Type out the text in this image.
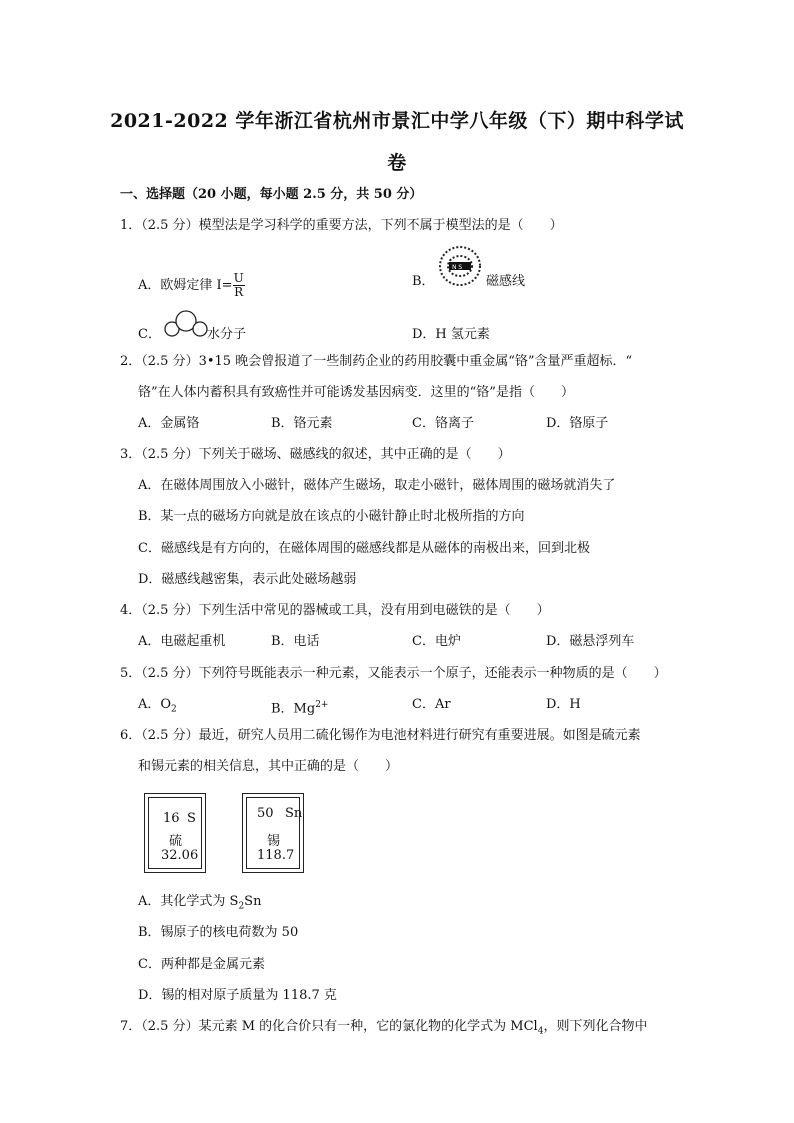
2021-2022 学年浙江省杭州市景汇中学八年级（下）期中科学试
卷
一、选择题（20 小题，每小题 2.5 分，共 50 分）
1．（2.5 分）模型法是学习科学的重要方法，下列不属于模型法的是（　　）
A．欧姆定律 $I= \frac{U}{R}$	B．
N S
磁感线
C．	水分子	D．H 氢元素
2．（2.5 分）3•15 晚会曾报道了一些制药企业的药用胶囊中重金属“铬”含量严重超标．“
铬”在人体内蓄积具有致癌性并可能诱发基因病变．这里的“铬”是指（　　）
A．金属铬	B．铬元素	C．铬离子	D．铬原子
3．（2.5 分）下列关于磁场、磁感线的叙述，其中正确的是（　　）
A．在磁体周围放入小磁针，磁体产生磁场，取走小磁针，磁体周围的磁场就消失了
B．某一点的磁场方向就是放在该点的小磁针静止时北极所指的方向
C．磁感线是有方向的，在磁体周围的磁感线都是从磁体的南极出来，回到北极
D．磁感线越密集，表示此处磁场越弱
4．（2.5 分）下列生活中常见的器械或工具，没有用到电磁铁的是（　　）
A．电磁起重机	B．电话	C．电炉	D．磁悬浮列车
5．（2.5 分）下列符号既能表示一种元素，又能表示一个原子，还能表示一种物质的是（　　）
A．$O_2$	B．$Mg^{2+}$	C．Ar	D．H
6．（2.5 分）最近，研究人员用二硫化锡作为电池材料进行研究有重要进展。如图是硫元素
和锡元素的相关信息，其中正确的是（　　）
16 S
硫
32.06
50 Sn
锡
118.7
A．其化学式为 $S_2Sn$
B．锡原子的核电荷数为 50
C．两种都是金属元素
D．锡的相对原子质量为 118.7 克
7．（2.5 分）某元素 M 的化合价只有一种，它的氯化物的化学式为 MCl$_4$，则下列化合物中
